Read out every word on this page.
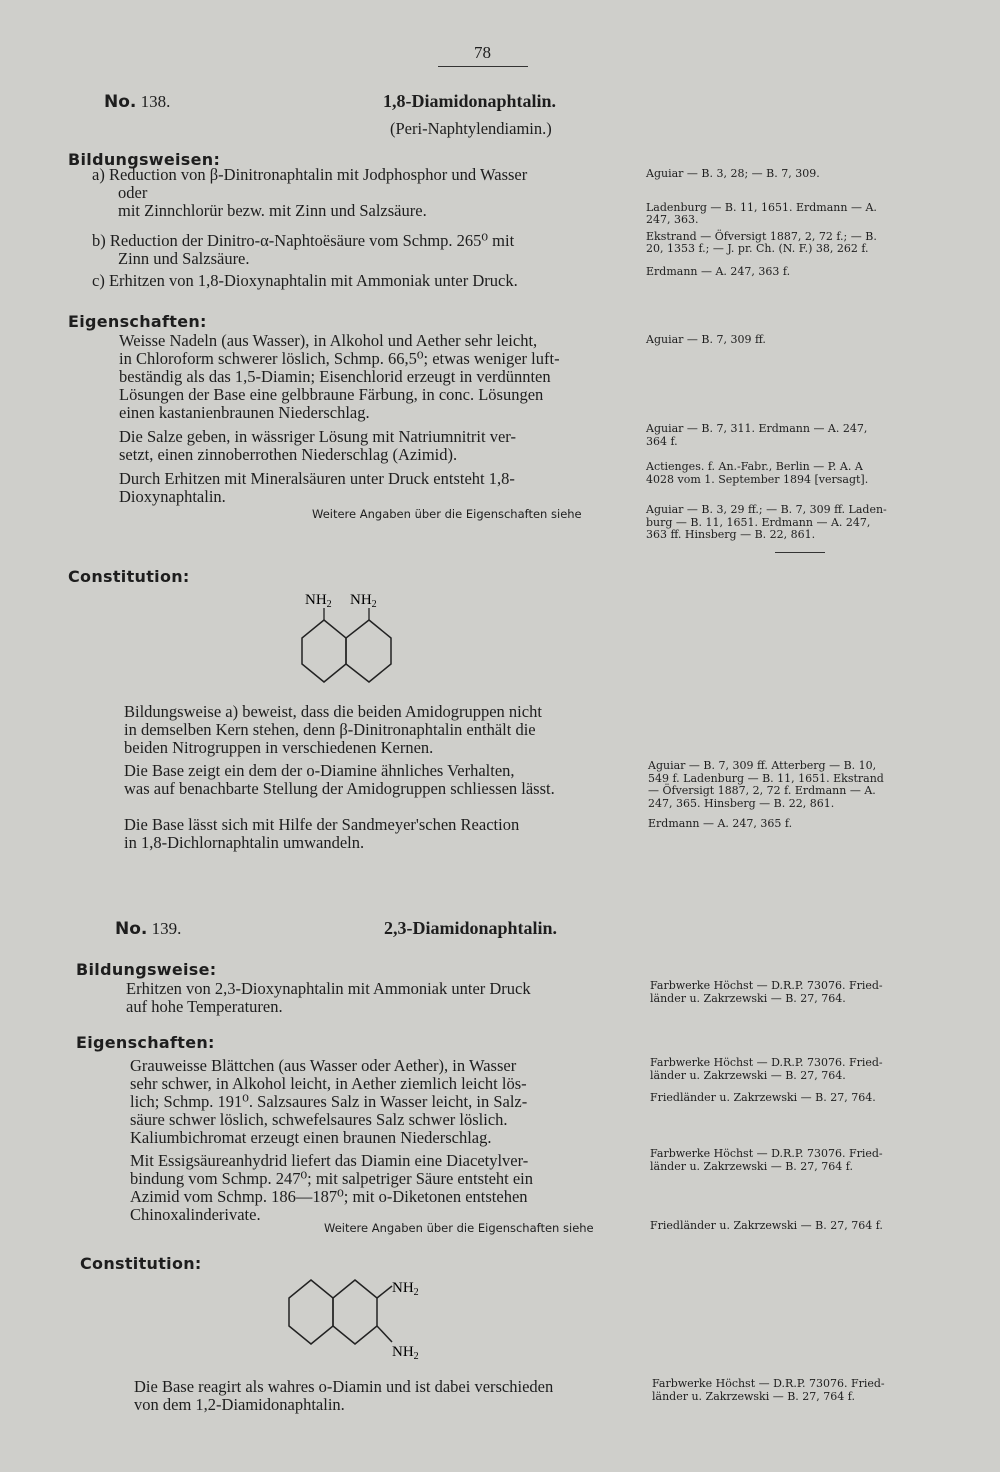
78
No. 138.	1,8-Diamidonaphtalin.
(Peri-Naphtylendiamin.)
Bildungsweisen:
a) Reduction von β-Dinitronaphtalin mit Jodphosphor und Wasser
oder
mit Zinnchlorür bezw. mit Zinn und Salzsäure.
b) Reduction der Dinitro-α-Naphtoësäure vom Schmp. 265⁰ mit
Zinn und Salzsäure.
c) Erhitzen von 1,8-Dioxynaphtalin mit Ammoniak unter Druck.
Aguiar — B. 3, 28; — B. 7, 309.
Ladenburg — B. 11, 1651. Erdmann — A.
247, 363.
Ekstrand — Öfversigt 1887, 2, 72 f.; — B.
20, 1353 f.; — J. pr. Ch. (N. F.) 38, 262 f.
Erdmann — A. 247, 363 f.
Eigenschaften:
Weisse Nadeln (aus Wasser), in Alkohol und Aether sehr leicht,
in Chloroform schwerer löslich, Schmp. 66,5⁰; etwas weniger luft-
beständig als das 1,5-Diamin; Eisenchlorid erzeugt in verdünnten
Lösungen der Base eine gelbbraune Färbung, in conc. Lösungen
einen kastanienbraunen Niederschlag.
Die Salze geben, in wässriger Lösung mit Natriumnitrit ver-
setzt, einen zinnoberrothen Niederschlag (Azimid).
Durch Erhitzen mit Mineralsäuren unter Druck entsteht 1,8-
Dioxynaphtalin.
Weitere Angaben über die Eigenschaften siehe
Aguiar — B. 7, 309 ff.
Aguiar — B. 7, 311. Erdmann — A. 247,
364 f.
Actienges. f. An.-Fabr., Berlin — P. A. A
4028 vom 1. September 1894 [versagt].
Aguiar — B. 3, 29 ff.; — B. 7, 309 ff. Laden-
burg — B. 11, 1651. Erdmann — A. 247,
363 ff. Hinsberg — B. 22, 861.
Constitution:
$NH_2$ $NH_2$
Bildungsweise a) beweist, dass die beiden Amidogruppen nicht
in demselben Kern stehen, denn β-Dinitronaphtalin enthält die
beiden Nitrogruppen in verschiedenen Kernen.
Die Base zeigt ein dem der o-Diamine ähnliches Verhalten,
was auf benachbarte Stellung der Amidogruppen schliessen lässt.
Die Base lässt sich mit Hilfe der Sandmeyer'schen Reaction
in 1,8-Dichlornaphtalin umwandeln.
Aguiar — B. 7, 309 ff. Atterberg — B. 10,
549 f. Ladenburg — B. 11, 1651. Ekstrand
— Öfversigt 1887, 2, 72 f. Erdmann — A.
247, 365. Hinsberg — B. 22, 861.
Erdmann — A. 247, 365 f.
No. 139.	2,3-Diamidonaphtalin.
Bildungsweise:
Erhitzen von 2,3-Dioxynaphtalin mit Ammoniak unter Druck
auf hohe Temperaturen.
Farbwerke Höchst — D.R.P. 73076. Fried-
länder u. Zakrzewski — B. 27, 764.
Eigenschaften:
Grauweisse Blättchen (aus Wasser oder Aether), in Wasser
sehr schwer, in Alkohol leicht, in Aether ziemlich leicht lös-
lich; Schmp. 191⁰. Salzsaures Salz in Wasser leicht, in Salz-
säure schwer löslich, schwefelsaures Salz schwer löslich.
Kaliumbichromat erzeugt einen braunen Niederschlag.
Mit Essigsäureanhydrid liefert das Diamin eine Diacetylver-
bindung vom Schmp. 247⁰; mit salpetriger Säure entsteht ein
Azimid vom Schmp. 186—187⁰; mit o-Diketonen entstehen
Chinoxalinderivate.
Weitere Angaben über die Eigenschaften siehe
Farbwerke Höchst — D.R.P. 73076. Fried-
länder u. Zakrzewski — B. 27, 764.
Friedländer u. Zakrzewski — B. 27, 764.
Farbwerke Höchst — D.R.P. 73076. Fried-
länder u. Zakrzewski — B. 27, 764 f.
Friedländer u. Zakrzewski — B. 27, 764 f.
Constitution:
$NH_2$
$NH_2$
Die Base reagirt als wahres o-Diamin und ist dabei verschieden
von dem 1,2-Diamidonaphtalin.
Farbwerke Höchst — D.R.P. 73076. Fried-
länder u. Zakrzewski — B. 27, 764 f.
